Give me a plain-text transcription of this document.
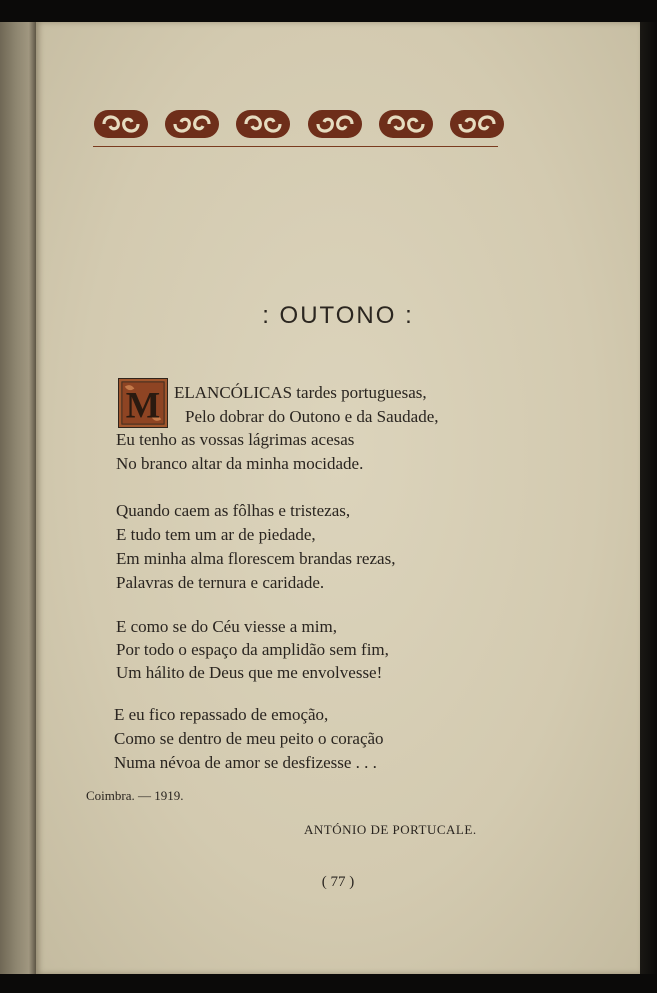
: OUTONO :
M ELANCÓLICAS tardes portuguesas,
Pelo dobrar do Outono e da Saudade,
Eu tenho as vossas lágrimas acesas
No branco altar da minha mocidade.
Quando caem as fôlhas e tristezas,
E tudo tem um ar de piedade,
Em minha alma florescem brandas rezas,
Palavras de ternura e caridade.
E como se do Céu viesse a mim,
Por todo o espaço da amplidão sem fim,
Um hálito de Deus que me envolvesse!
E eu fico repassado de emoção,
Como se dentro de meu peito o coração
Numa névoa de amor se desfizesse . . .
Coimbra. — 1919.
ANTÓNIO DE PORTUCALE.
( 77 )
